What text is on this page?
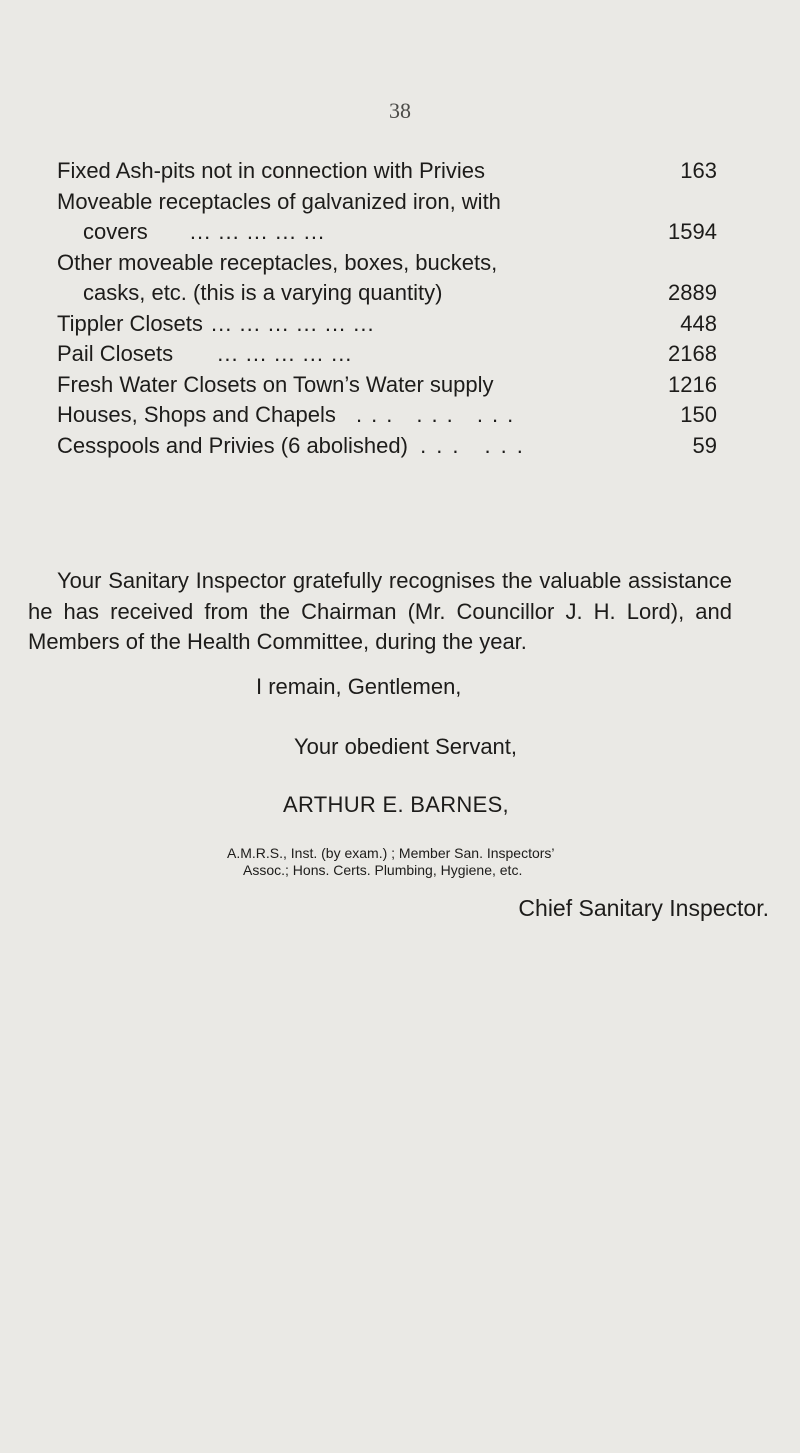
38
Fixed Ash-pits not in connection with Privies	163
Moveable receptacles of galvanized iron, with
covers ... ... ... ... ...	1594
Other moveable receptacles, boxes, buckets,
casks, etc. (this is a varying quantity)	2889
Tippler Closets ... ... ... ... ... ...	448
Pail Closets ... ... ... ... ...	2168
Fresh Water Closets on Town’s Water supply	1216
Houses, Shops and Chapels ... ... ...	150
Cesspools and Privies (6 abolished) ... ...	59
Your Sanitary Inspector gratefully recognises the valuable assistance he has received from the Chairman (Mr. Councillor J. H. Lord), and Members of the Health Committee, during the year.
I remain, Gentlemen,
Your obedient Servant,
ARTHUR E. BARNES,
A.M.R.S., Inst. (by exam.) ; Member San. Inspectors’
Assoc.; Hons. Certs. Plumbing, Hygiene, etc.
Chief Sanitary Inspector.
